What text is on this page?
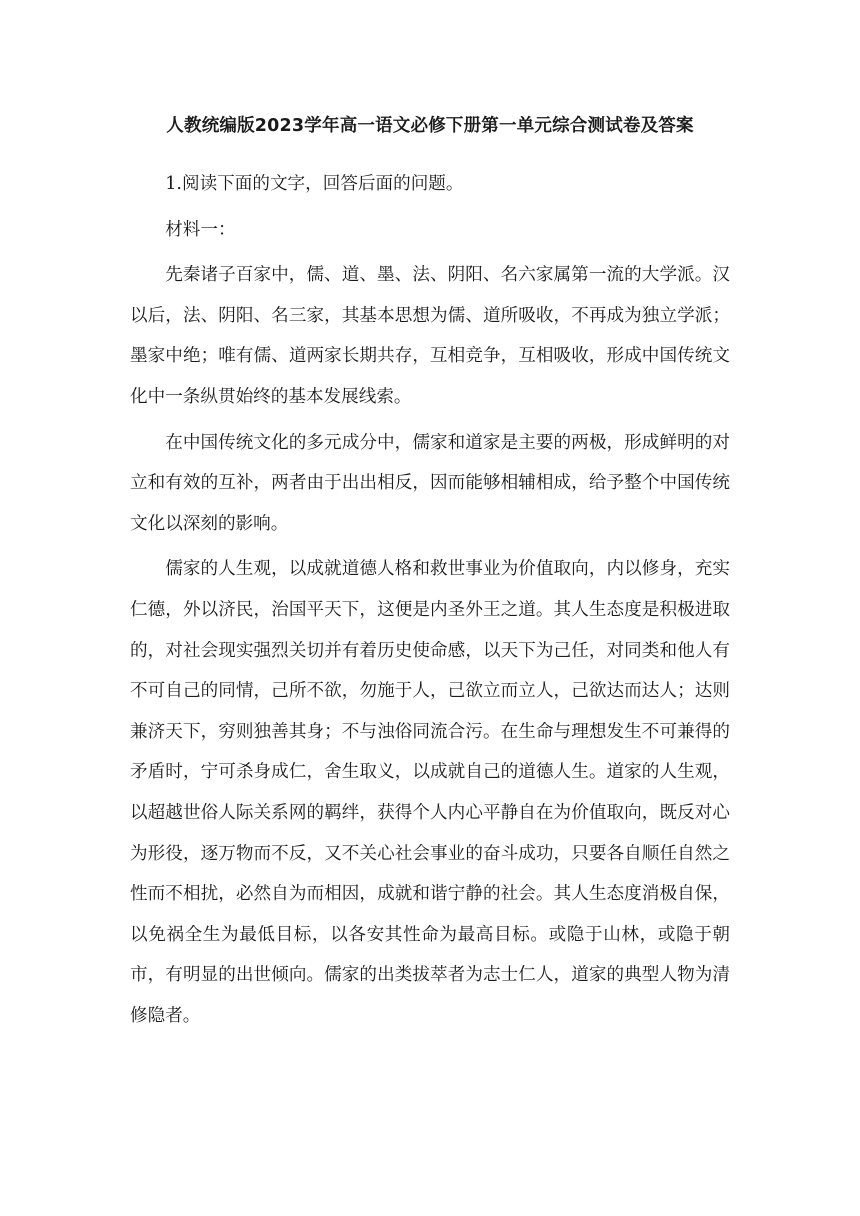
人教统编版2023学年高一语文必修下册第一单元综合测试卷及答案

1.阅读下面的文字，回答后面的问题。

材料一：

先秦诸子百家中，儒、道、墨、法、阴阳、名六家属第一流的大学派。汉以后，法、阴阳、名三家，其基本思想为儒、道所吸收，不再成为独立学派；墨家中绝；唯有儒、道两家长期共存，互相竞争，互相吸收，形成中国传统文化中一条纵贯始终的基本发展线索。

在中国传统文化的多元成分中，儒家和道家是主要的两极，形成鲜明的对立和有效的互补，两者由于出出相反，因而能够相辅相成，给予整个中国传统文化以深刻的影响。

儒家的人生观，以成就道德人格和救世事业为价值取向，内以修身，充实仁德，外以济民，治国平天下，这便是内圣外王之道。其人生态度是积极进取的，对社会现实强烈关切并有着历史使命感，以天下为己任，对同类和他人有不可自己的同情，己所不欲，勿施于人，己欲立而立人，己欲达而达人；达则兼济天下，穷则独善其身；不与浊俗同流合污。在生命与理想发生不可兼得的矛盾时，宁可杀身成仁，舍生取义，以成就自己的道德人生。道家的人生观，以超越世俗人际关系网的羁绊，获得个人内心平静自在为价值取向，既反对心为形役，逐万物而不反，又不关心社会事业的奋斗成功，只要各自顺任自然之性而不相扰，必然自为而相因，成就和谐宁静的社会。其人生态度消极自保，以免祸全生为最低目标，以各安其性命为最高目标。或隐于山林，或隐于朝市，有明显的出世倾向。儒家的出类拔萃者为志士仁人，道家的典型人物为清修隐者。
